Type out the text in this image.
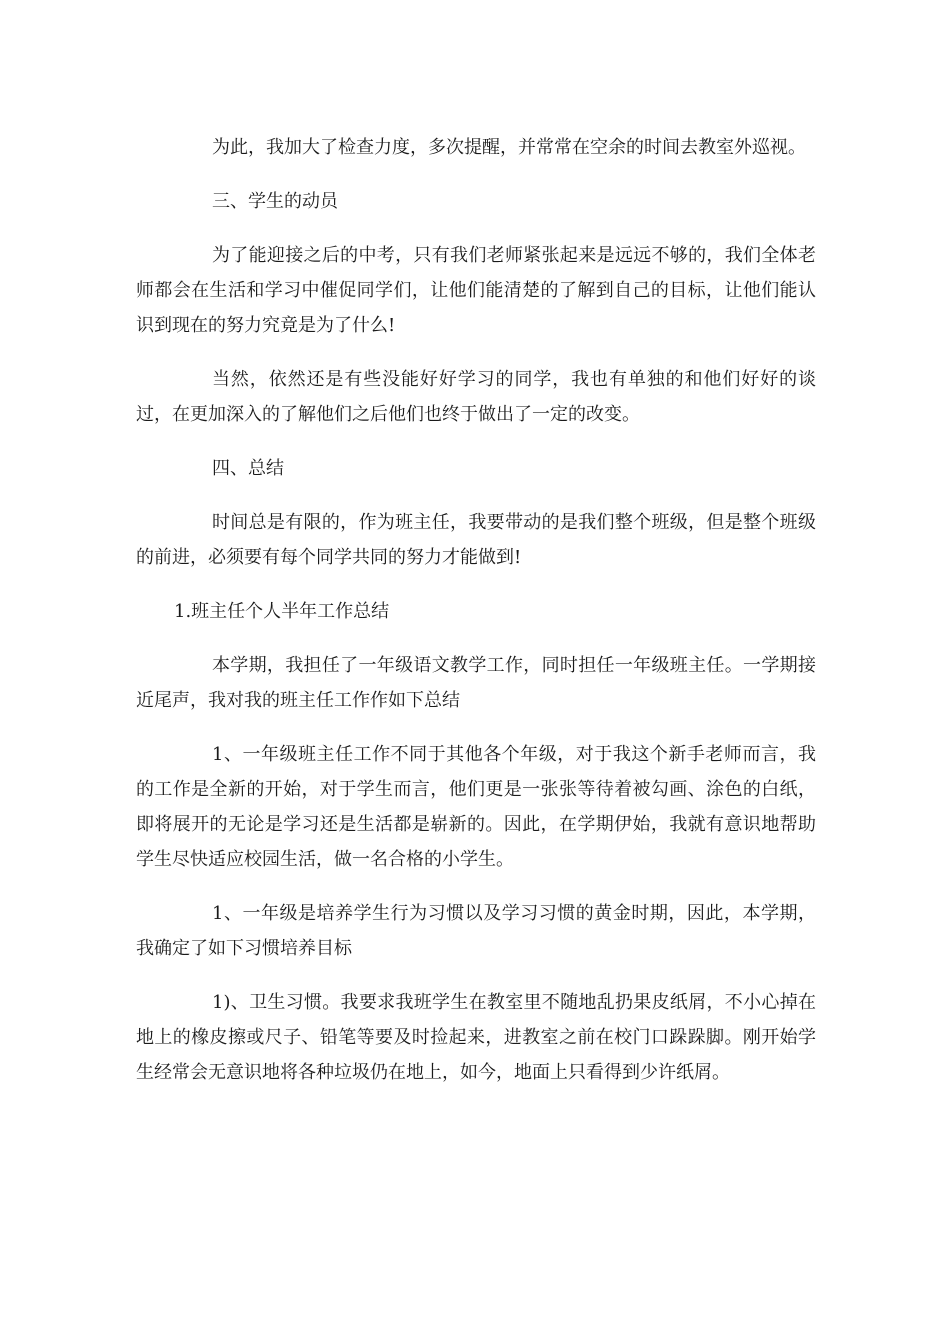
为此，我加大了检查力度，多次提醒，并常常在空余的时间去教室外巡视。

三、学生的动员

为了能迎接之后的中考，只有我们老师紧张起来是远远不够的，我们全体老师都会在生活和学习中催促同学们，让他们能清楚的了解到自己的目标，让他们能认识到现在的努力究竟是为了什么!

当然，依然还是有些没能好好学习的同学，我也有单独的和他们好好的谈过，在更加深入的了解他们之后他们也终于做出了一定的改变。

四、总结

时间总是有限的，作为班主任，我要带动的是我们整个班级，但是整个班级的前进，必须要有每个同学共同的努力才能做到!

1.班主任个人半年工作总结

本学期，我担任了一年级语文教学工作，同时担任一年级班主任。一学期接近尾声，我对我的班主任工作作如下总结

1、一年级班主任工作不同于其他各个年级，对于我这个新手老师而言，我的工作是全新的开始，对于学生而言，他们更是一张张等待着被勾画、涂色的白纸，即将展开的无论是学习还是生活都是崭新的。因此，在学期伊始，我就有意识地帮助学生尽快适应校园生活，做一名合格的小学生。

1、一年级是培养学生行为习惯以及学习习惯的黄金时期，因此，本学期，我确定了如下习惯培养目标

1)、卫生习惯。我要求我班学生在教室里不随地乱扔果皮纸屑，不小心掉在地上的橡皮擦或尺子、铅笔等要及时捡起来，进教室之前在校门口跺跺脚。刚开始学生经常会无意识地将各种垃圾仍在地上，如今，地面上只看得到少许纸屑。
